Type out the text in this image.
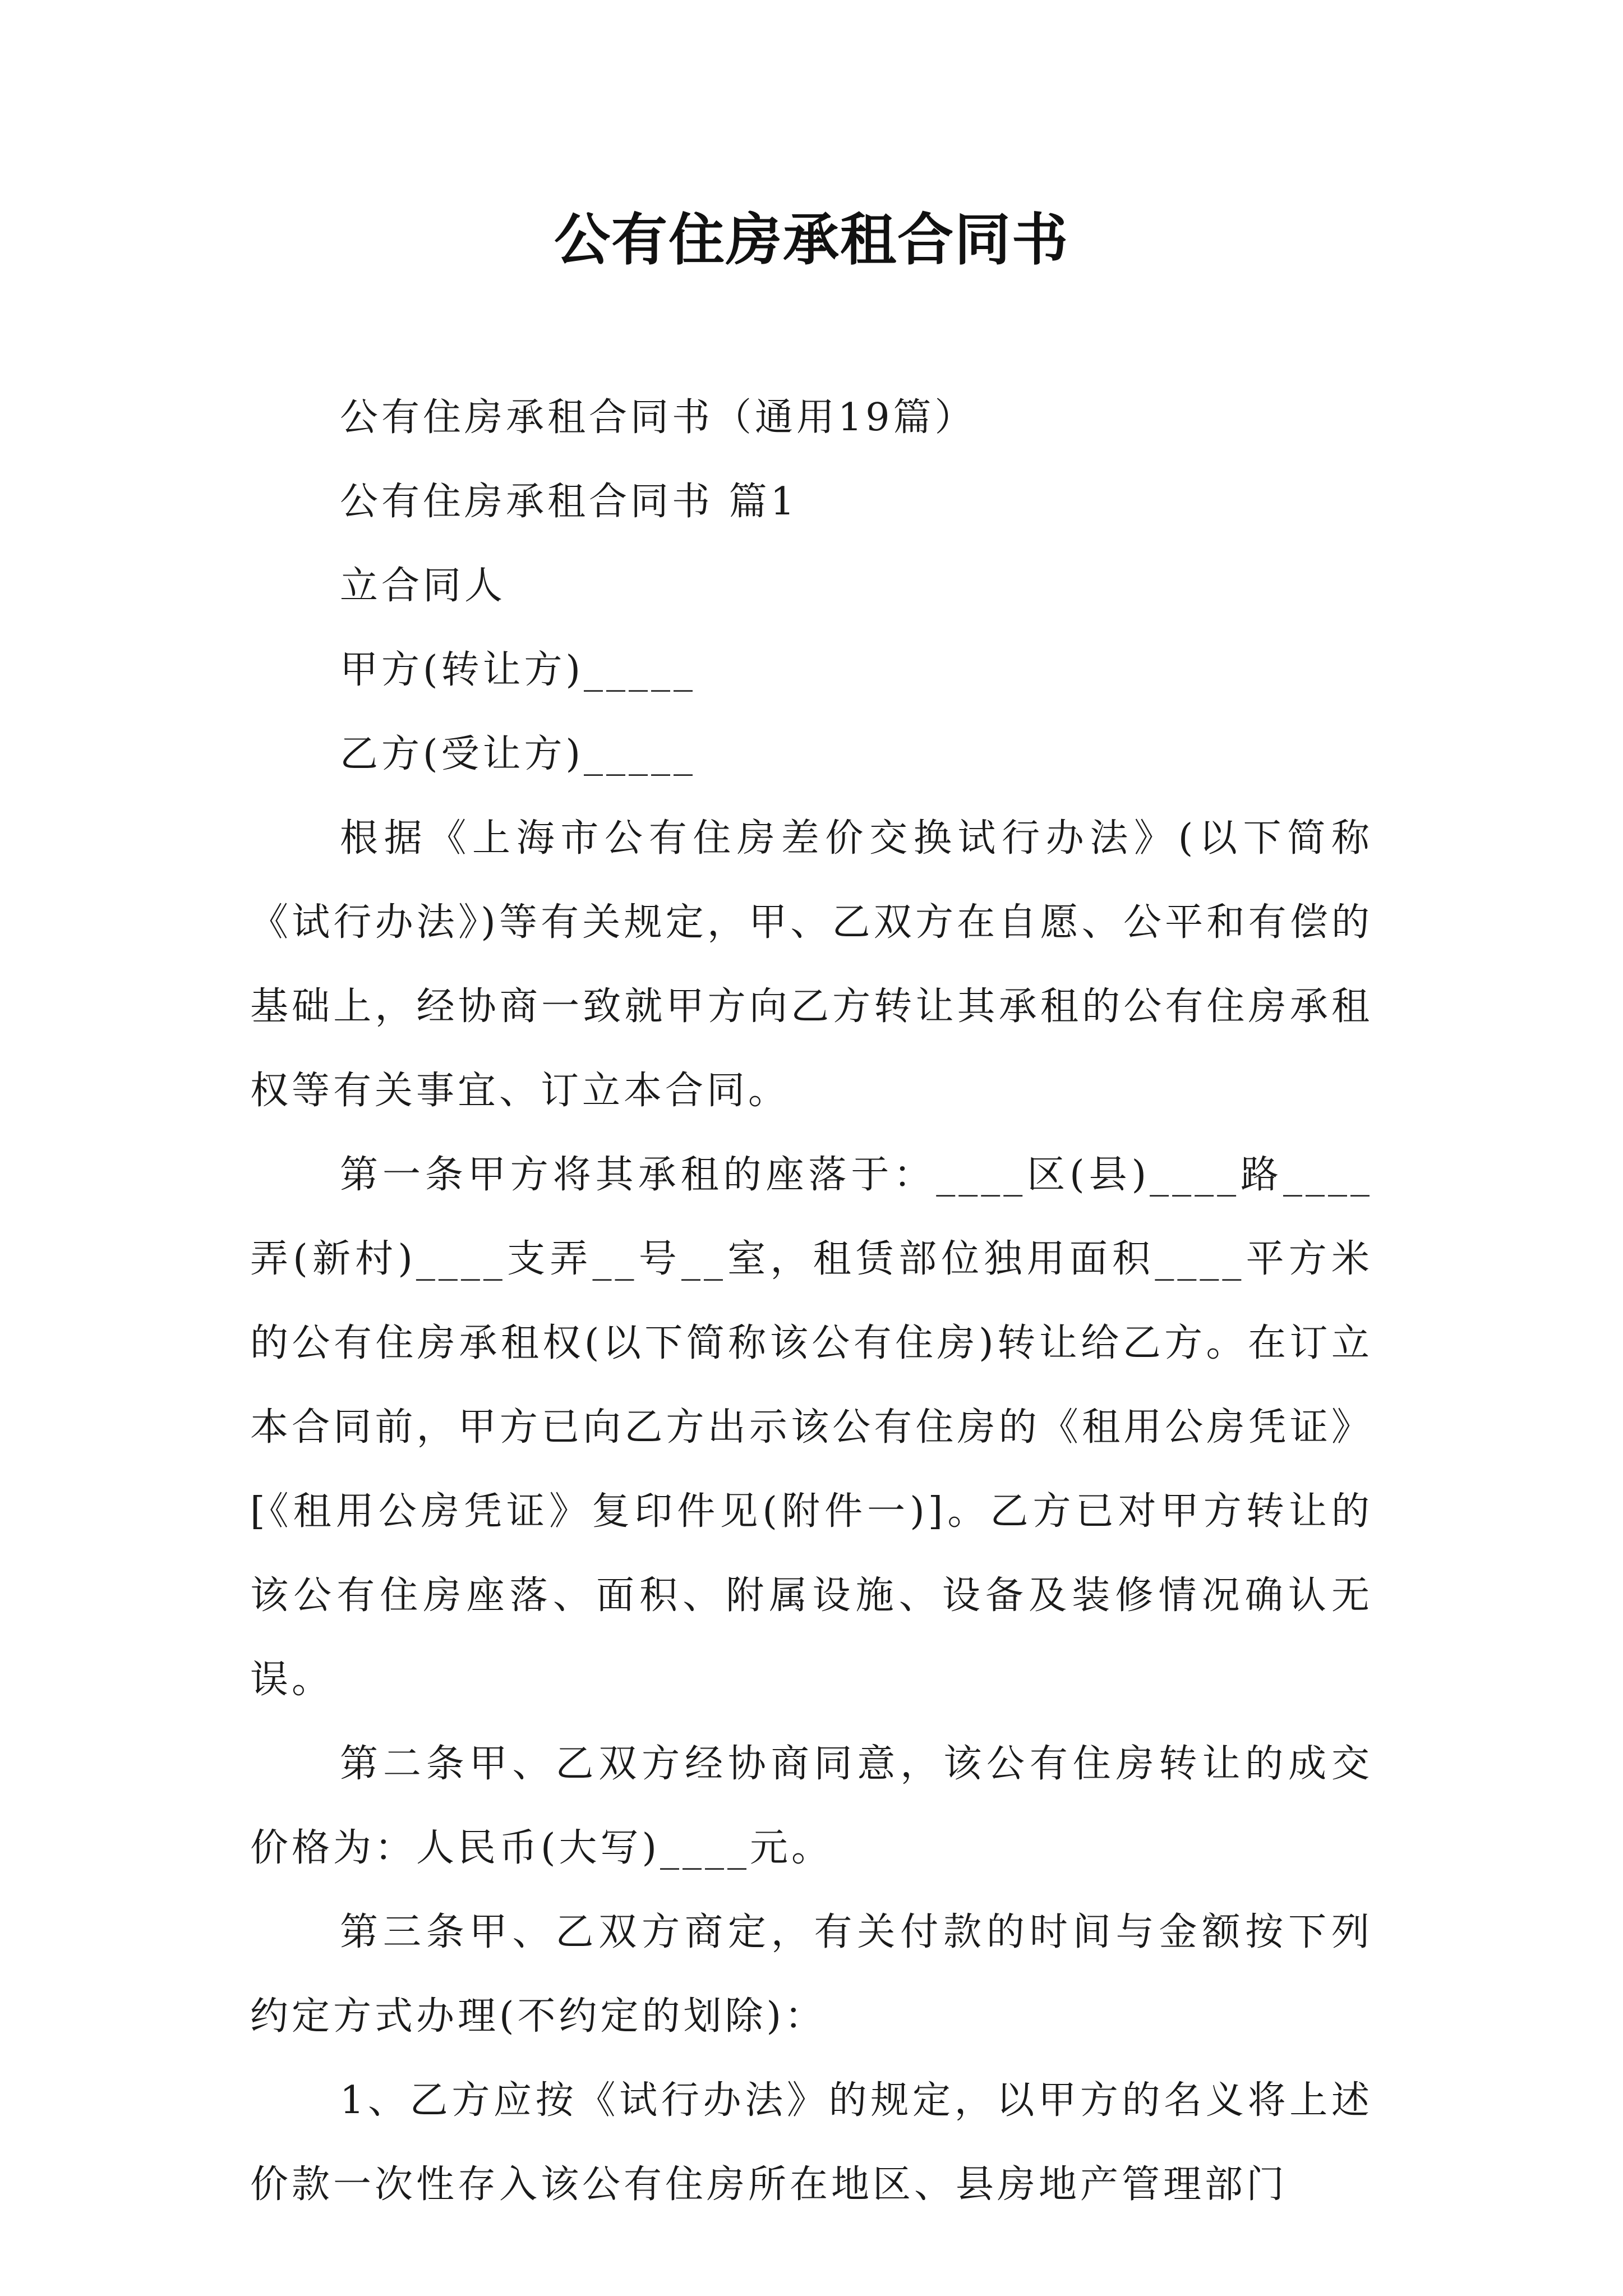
公有住房承租合同书

公有住房承租合同书（通用19篇）

公有住房承租合同书 篇1

立合同人

甲方(转让方)_____

乙方(受让方)_____

根据《上海市公有住房差价交换试行办法》(以下简称《试行办法》)等有关规定，甲、乙双方在自愿、公平和有偿的基础上，经协商一致就甲方向乙方转让其承租的公有住房承租权等有关事宜、订立本合同。

第一条甲方将其承租的座落于：____区(县)____路____弄(新村)____支弄__号__室，租赁部位独用面积____平方米的公有住房承租权(以下简称该公有住房)转让给乙方。在订立本合同前，甲方已向乙方出示该公有住房的《租用公房凭证》[《租用公房凭证》复印件见(附件一)]。乙方已对甲方转让的该公有住房座落、面积、附属设施、设备及装修情况确认无误。

第二条甲、乙双方经协商同意，该公有住房转让的成交价格为：人民币(大写)____元。

第三条甲、乙双方商定，有关付款的时间与金额按下列约定方式办理(不约定的划除)：

1、乙方应按《试行办法》的规定，以甲方的名义将上述价款一次性存入该公有住房所在地区、县房地产管理部门
